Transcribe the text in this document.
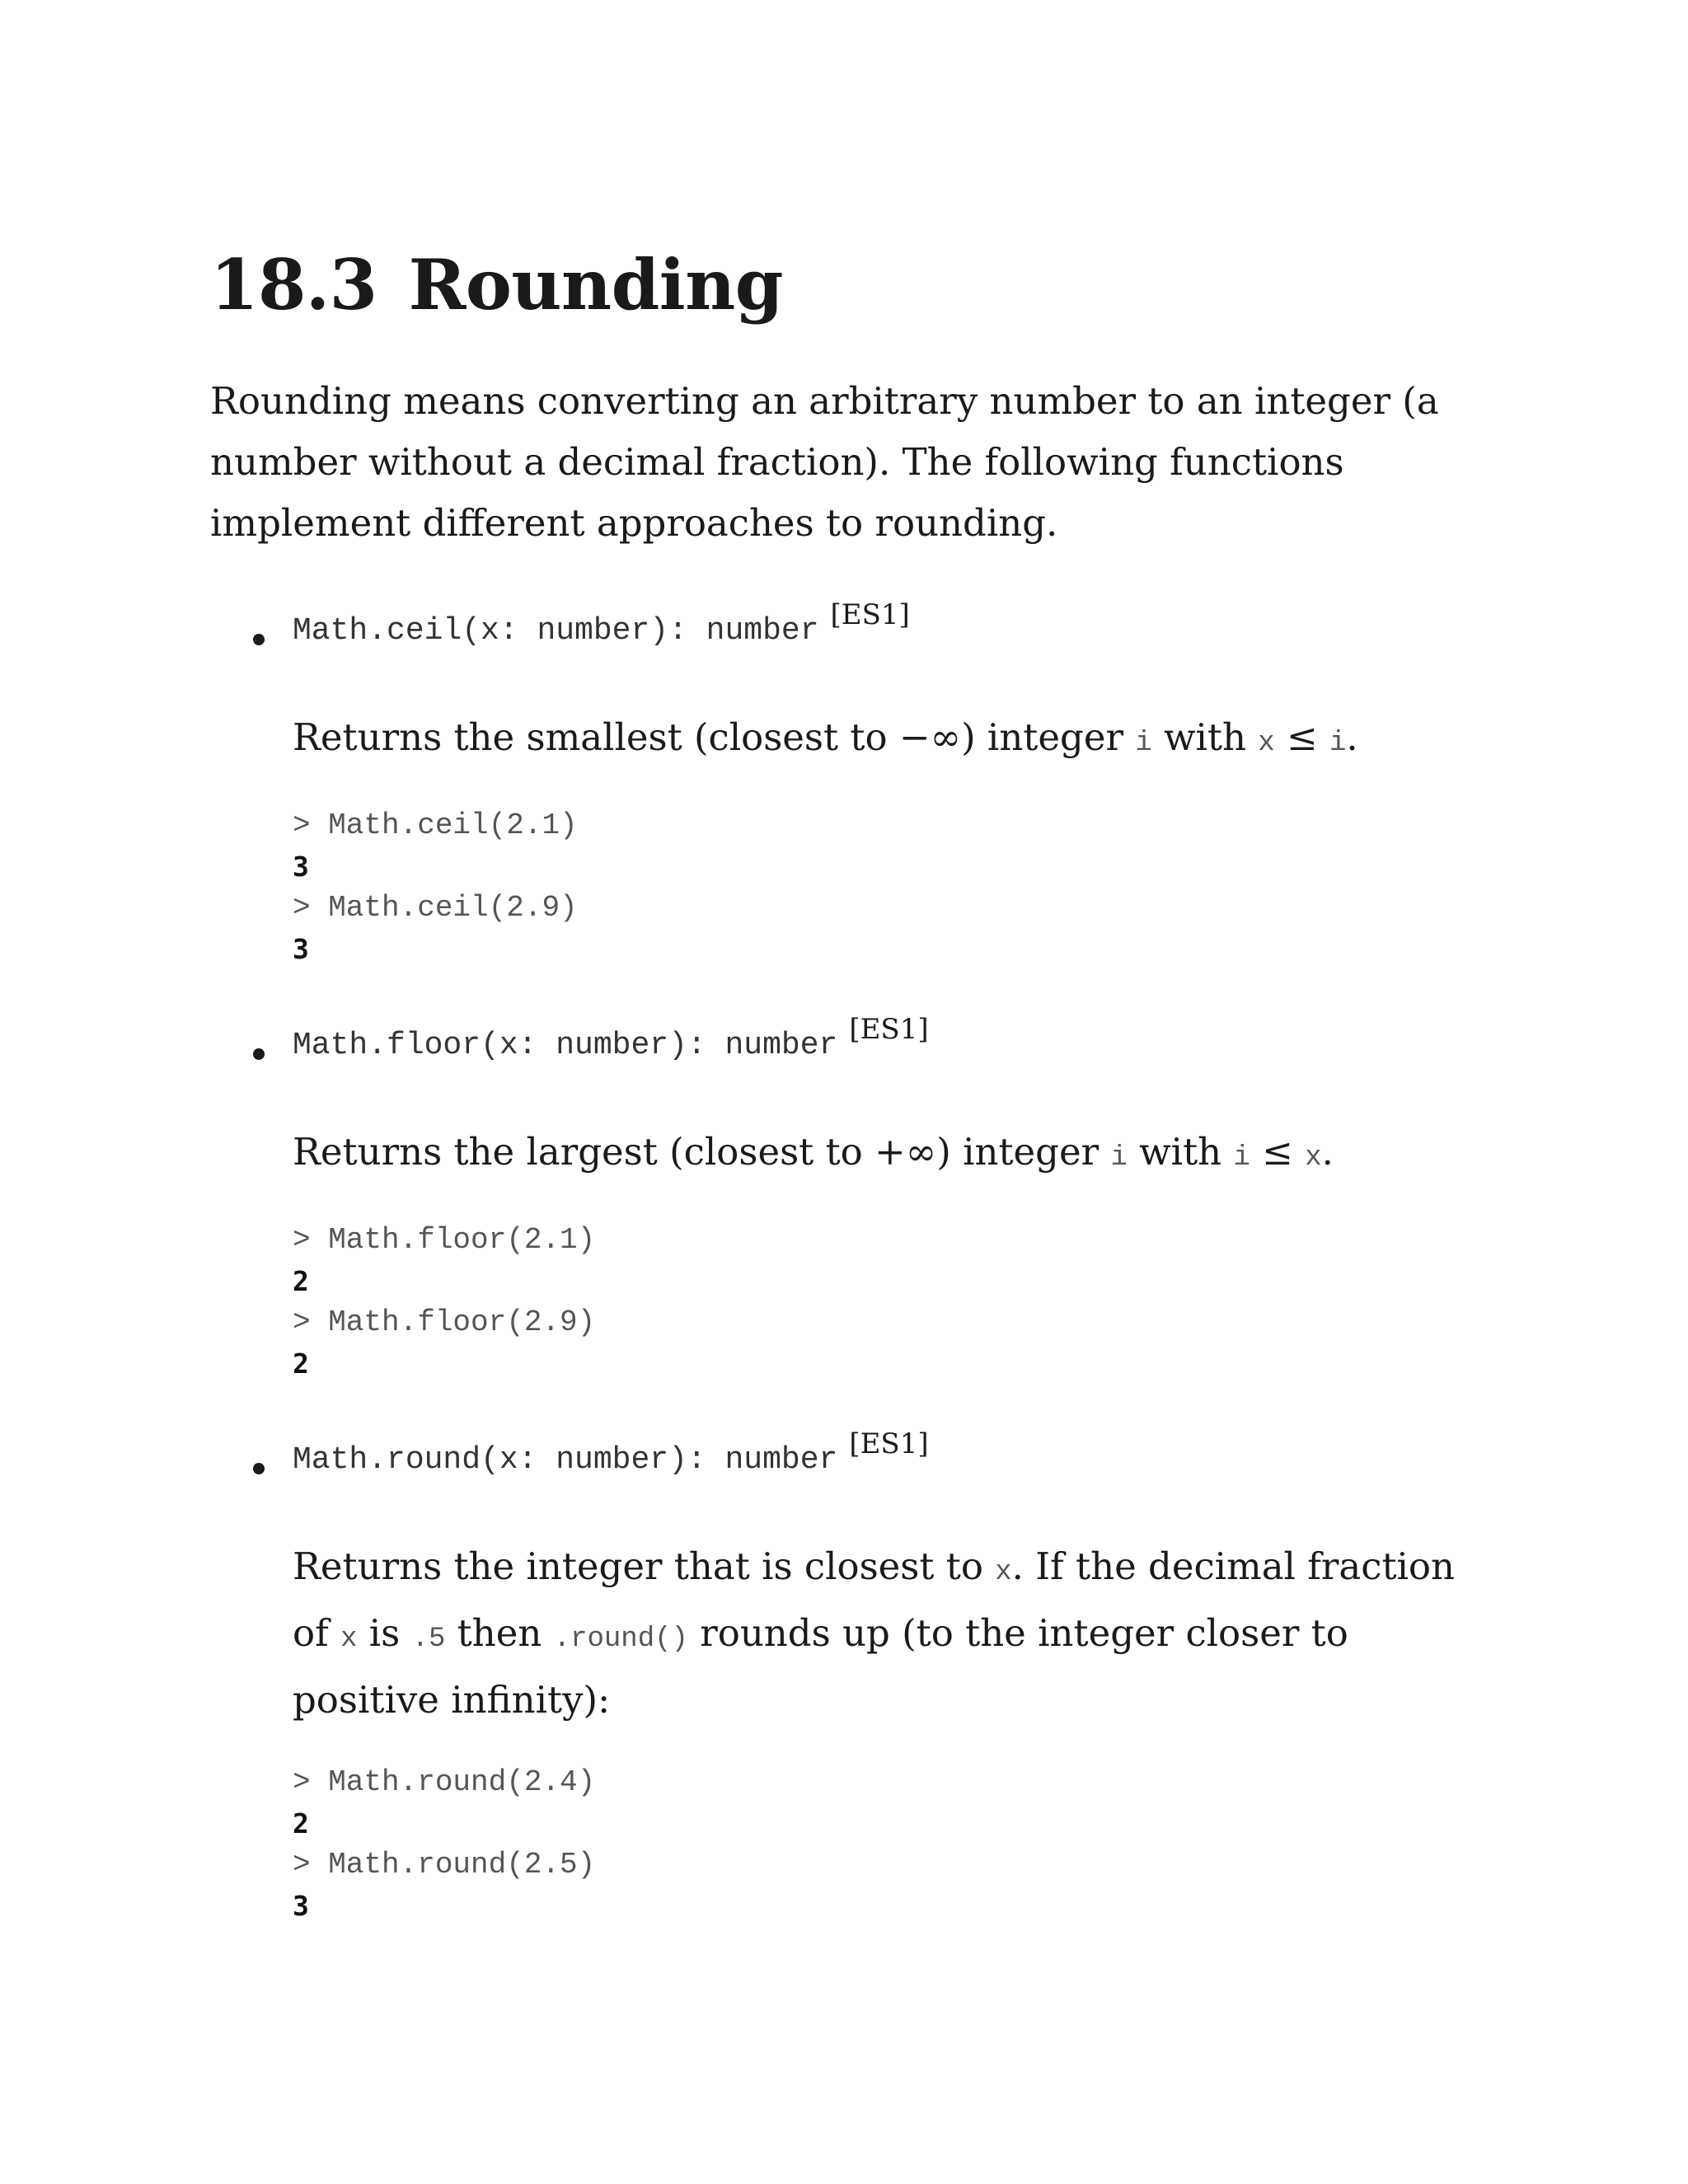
18.3 Rounding

Rounding means converting an arbitrary number to an integer (a number without a decimal fraction). The following functions implement different approaches to rounding.

Math.ceil(x: number): number [ES1]

Returns the smallest (closest to −∞) integer i with x ≤ i.

> Math.ceil(2.1)
3
> Math.ceil(2.9)
3
Math.floor(x: number): number [ES1]

Returns the largest (closest to +∞) integer i with i ≤ x.

> Math.floor(2.1)
2
> Math.floor(2.9)
2
Math.round(x: number): number [ES1]

Returns the integer that is closest to x. If the decimal fraction of x is .5 then .round() rounds up (to the integer closer to positive infinity):

> Math.round(2.4)
2
> Math.round(2.5)
3
